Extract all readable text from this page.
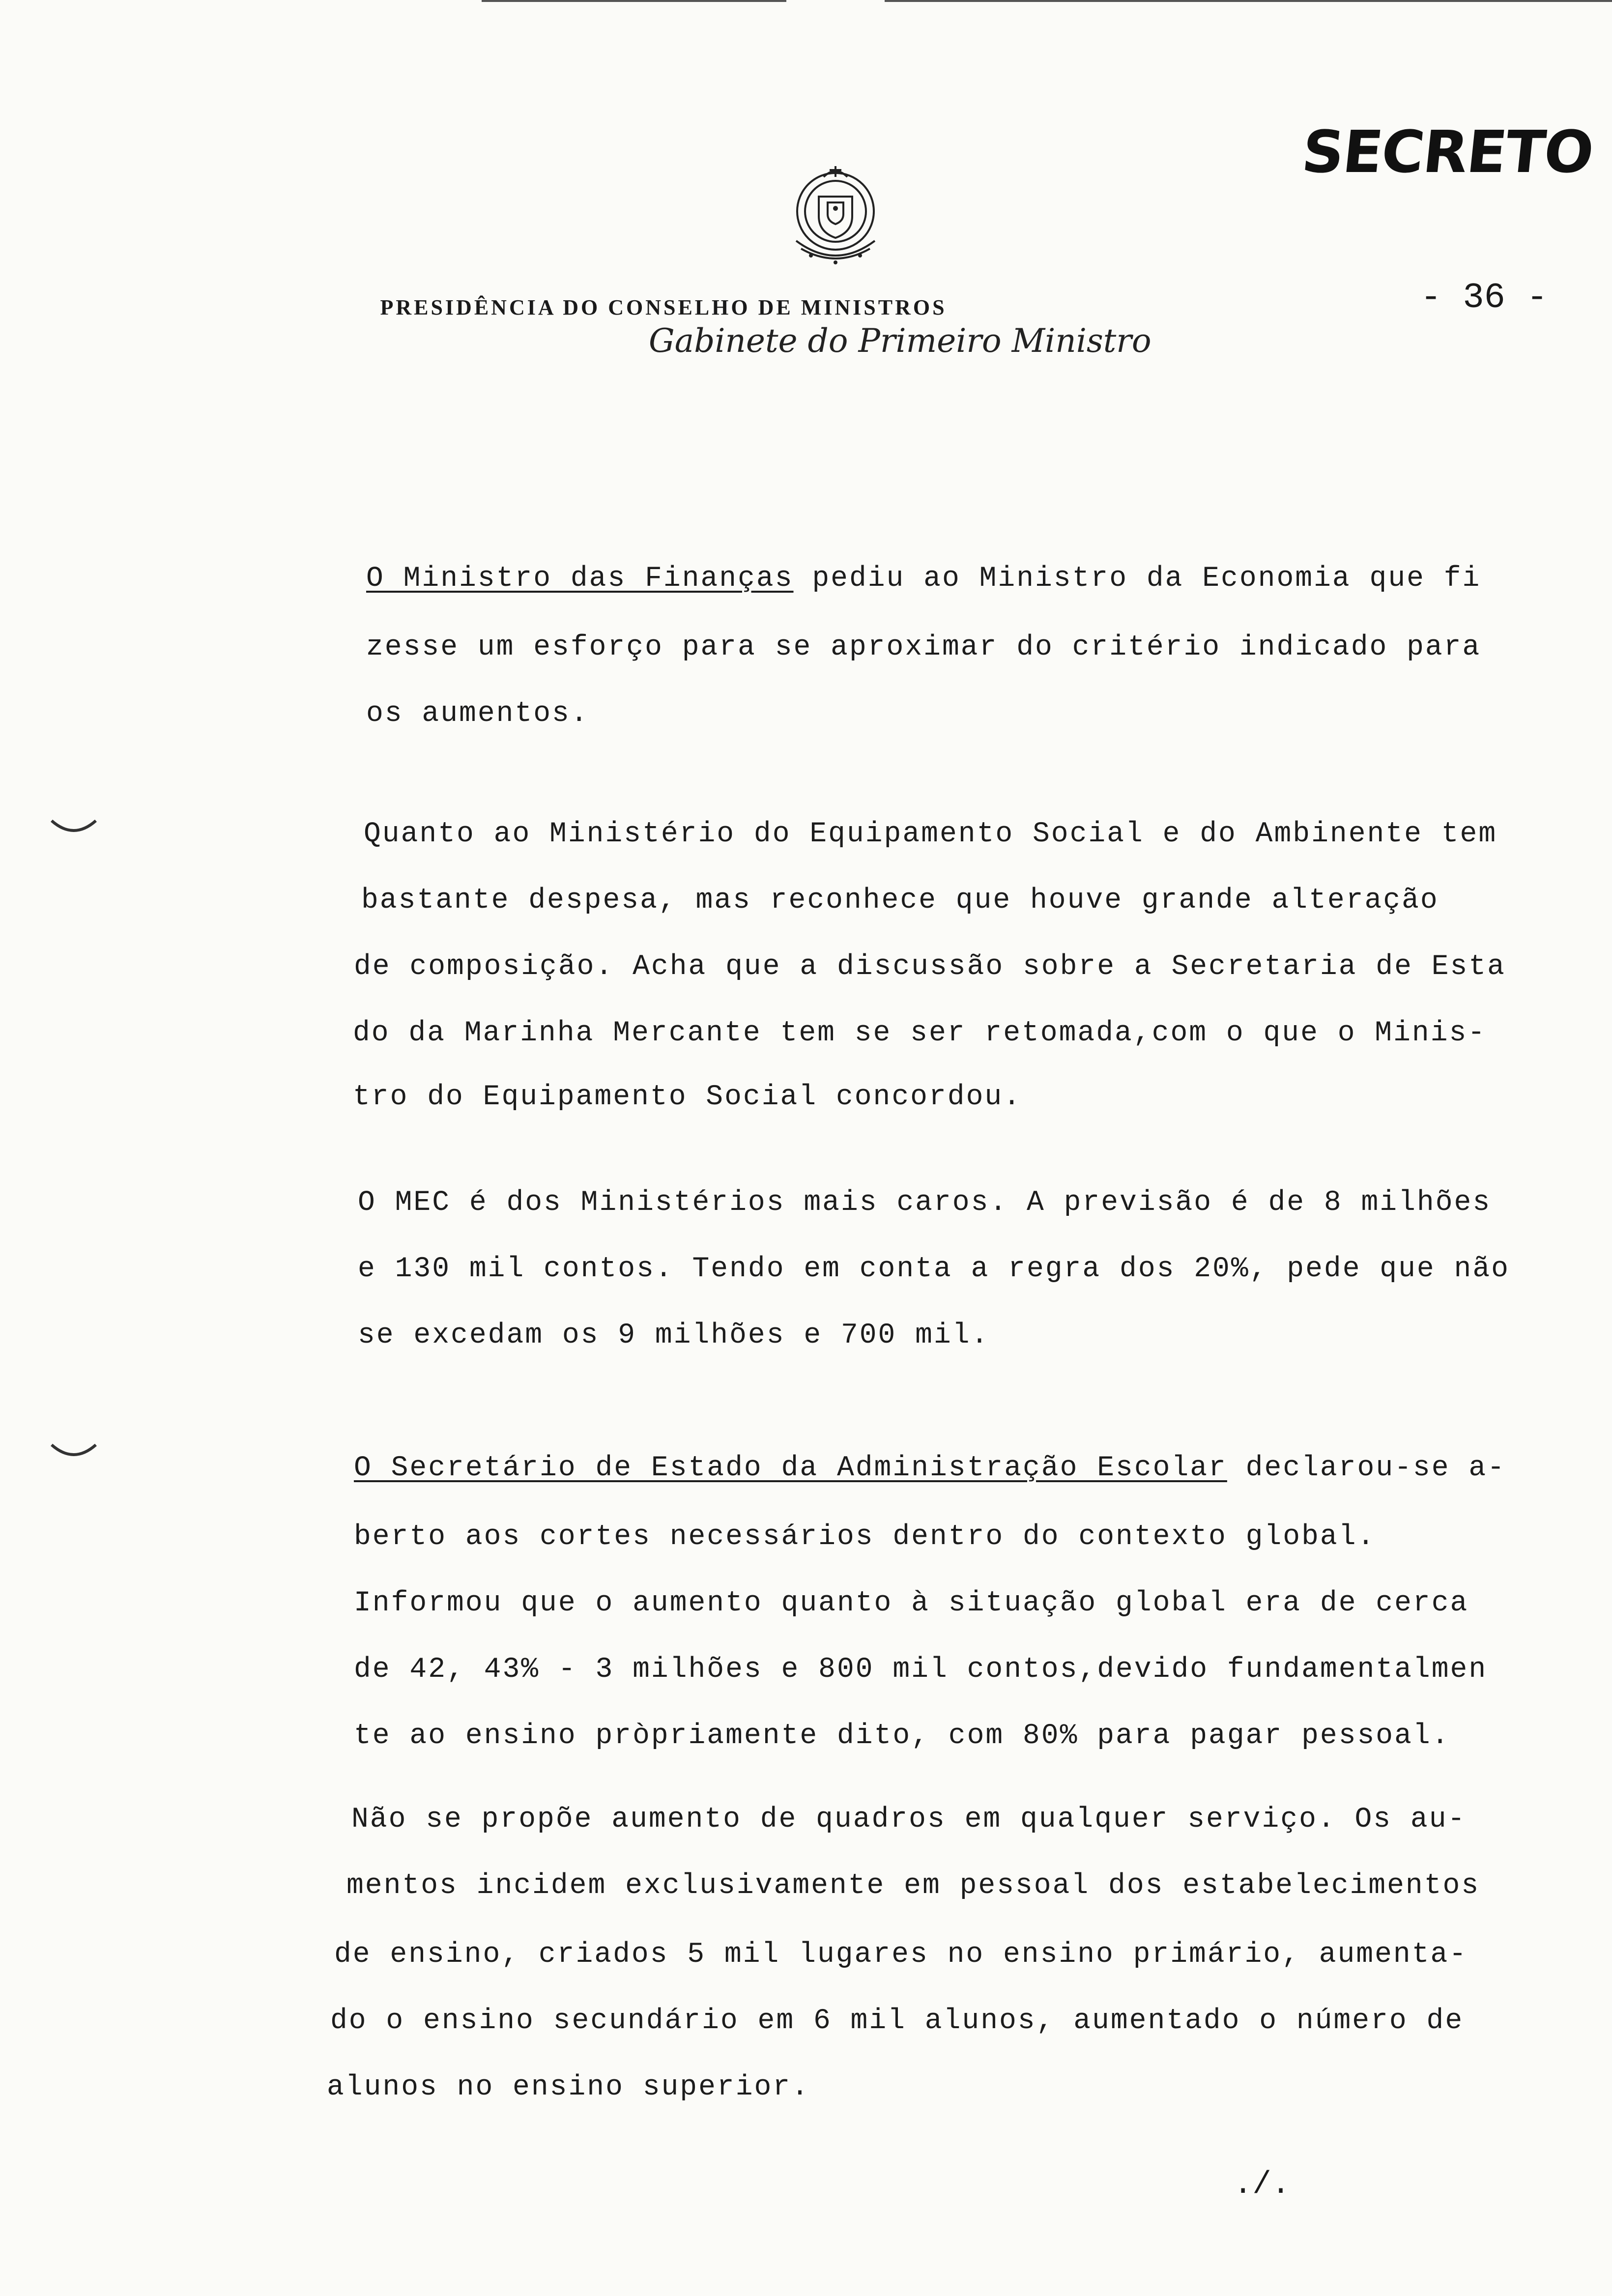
SECRETO
PRESIDÊNCIA DO CONSELHO DE MINISTROS
Gabinete do Primeiro Ministro
- 36 -
O Ministro das Finanças pediu ao Ministro da Economia que fi
zesse um esforço para se aproximar do critério indicado para
os aumentos.
Quanto ao Ministério do Equipamento Social e do Ambinente tem
bastante despesa, mas reconhece que houve grande alteração
de composição. Acha que a discussão sobre a Secretaria de Esta
do da Marinha Mercante tem se ser retomada,com o que o Minis-
tro do Equipamento Social concordou.
O MEC é dos Ministérios mais caros. A previsão é de 8 milhões
e 130 mil contos. Tendo em conta a regra dos 20%, pede que não
se excedam os 9 milhões e 700 mil.
O Secretário de Estado da Administração Escolar declarou-se a-
berto aos cortes necessários dentro do contexto global.
Informou que o aumento quanto à situação global era de cerca
de 42, 43% - 3 milhões e 800 mil contos,devido fundamentalmen
te ao ensino pròpriamente dito, com 80% para pagar pessoal.
Não se propõe aumento de quadros em qualquer serviço. Os au-
mentos incidem exclusivamente em pessoal dos estabelecimentos
de ensino, criados 5 mil lugares no ensino primário, aumenta-
do o ensino secundário em 6 mil alunos, aumentado o número de
alunos no ensino superior.
./.
